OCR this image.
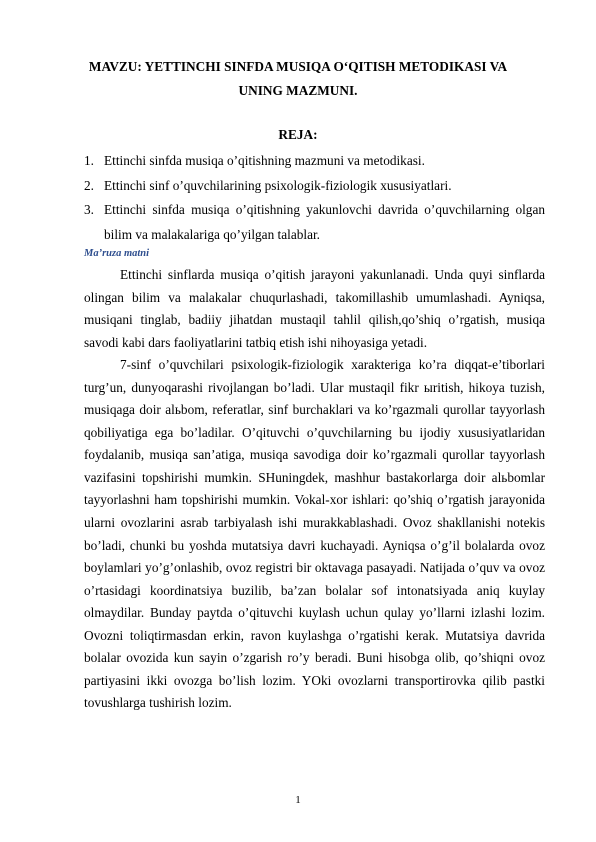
MAVZU: YETTINCHI SINFDA MUSIQA O‘QITISH METODIKASI VA UNING MAZMUNI.
REJA:
1. Ettinchi sinfda musiqa o’qitishning mazmuni va metodikasi.
2. Ettinchi sinf o’quvchilarining psixologik-fiziologik xususiyatlari.
3. Ettinchi sinfda musiqa o’qitishning yakunlovchi davrida o’quvchilarning olgan bilim va malakalariga qo’yilgan talablar.
Ma’ruza matni

Ettinchi sinflarda musiqa o’qitish jarayoni yakunlanadi. Unda quyi sinflarda olingan bilim va malakalar chuqurlashadi, takomillashib umumlashadi. Ayniqsa, musiqani tinglab, badiiy jihatdan mustaqil tahlil qilish,qo’shiq o’rgatish, musiqa savodi kabi dars faoliyatlarini tatbiq etish ishi nihoyasiga yetadi.

7-sinf o’quvchilari psixologik-fiziologik xarakteriga ko’ra diqqat-e’tiborlari turg’un, dunyoqarashi rivojlangan bo’ladi. Ular mustaqil fikr ыritish, hikoya tuzish, musiqaga doir alьbom, referatlar, sinf burchaklari va ko’rgazmali qurollar tayyorlash qobiliyatiga ega bo’ladilar. O’qituvchi o’quvchilarning bu ijodiy xususiyatlaridan foydalanib, musiqa san’atiga, musiqa savodiga doir ko’rgazmali qurollar tayyorlash vazifasini topshirishi mumkin. SHuningdek, mashhur bastakorlarga doir alьbomlar tayyorlashni ham topshirishi mumkin. Vokal-xor ishlari: qo’shiq o’rgatish jarayonida ularni ovozlarini asrab tarbiyalash ishi murakkablashadi. Ovoz shakllanishi notekis bo’ladi, chunki bu yoshda mutatsiya davri kuchayadi. Ayniqsa o’g’il bolalarda ovoz boylamlari yo’g’onlashib, ovoz registri bir oktavaga pasayadi. Natijada o’quv va ovoz o’rtasidagi koordinatsiya buzilib, ba’zan bolalar sof intonatsiyada aniq kuylay olmaydilar. Bunday paytda o’qituvchi kuylash uchun qulay yo’llarni izlashi lozim. Ovozni toliqtirmasdan erkin, ravon kuylashga o’rgatishi kerak. Mutatsiya davrida bolalar ovozida kun sayin o’zgarish ro’y beradi. Buni hisobga olib, qo’shiqni ovoz partiyasini ikki ovozga bo’lish lozim. YOki ovozlarni transportirovka qilib pastki tovushlarga tushirish lozim.

1
